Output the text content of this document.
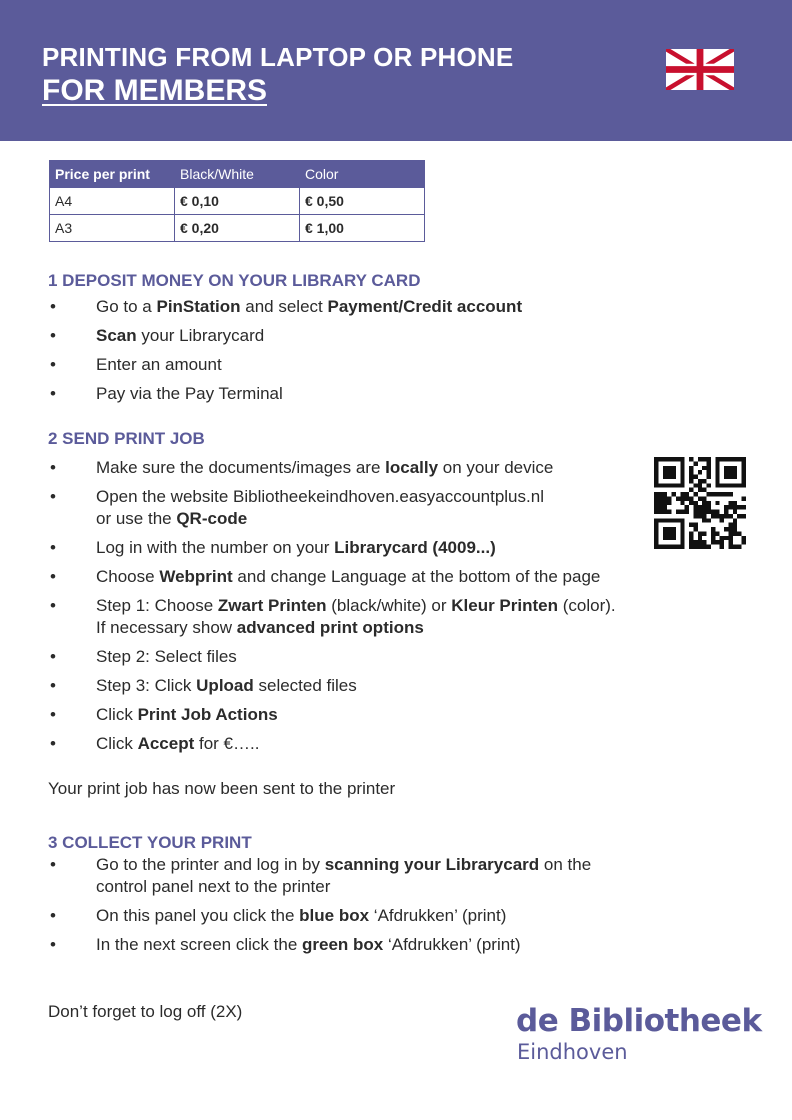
PRINTING FROM LAPTOP OR PHONE
FOR MEMBERS
Price per print	Black/White	Color
A4	€ 0,10	€ 0,50
A3	€ 0,20	€ 1,00
1 DEPOSIT MONEY ON YOUR LIBRARY CARD
• Go to a PinStation and select Payment/Credit account
• Scan your Librarycard
• Enter an amount
• Pay via the Pay Terminal
2 SEND PRINT JOB
• Make sure the documents/images are locally on your device
• Open the website Bibliotheekeindhoven.easyaccountplus.nl
or use the QR-code
• Log in with the number on your Librarycard (4009...)
• Choose Webprint and change Language at the bottom of the page
• Step 1: Choose Zwart Printen (black/white) or Kleur Printen (color).
If necessary show advanced print options
• Step 2: Select files
• Step 3: Click Upload selected files
• Click Print Job Actions
• Click Accept for €…..
Your print job has now been sent to the printer
3 COLLECT YOUR PRINT
• Go to the printer and log in by scanning your Librarycard on the
control panel next to the printer
• On this panel you click the blue box ‘Afdrukken’ (print)
• In the next screen click the green box ‘Afdrukken’ (print)
Don’t forget to log off (2X)	de Bibliotheek
Eindhoven
